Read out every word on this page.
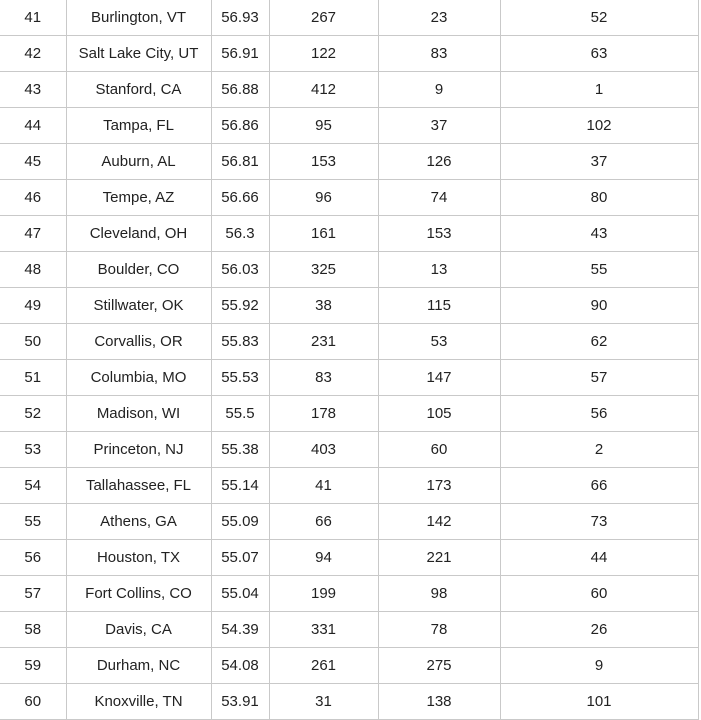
41	Burlington, VT	56.93	267	23	52
42	Salt Lake City, UT	56.91	122	83	63
43	Stanford, CA	56.88	412	9	1
44	Tampa, FL	56.86	95	37	102
45	Auburn, AL	56.81	153	126	37
46	Tempe, AZ	56.66	96	74	80
47	Cleveland, OH	56.3	161	153	43
48	Boulder, CO	56.03	325	13	55
49	Stillwater, OK	55.92	38	115	90
50	Corvallis, OR	55.83	231	53	62
51	Columbia, MO	55.53	83	147	57
52	Madison, WI	55.5	178	105	56
53	Princeton, NJ	55.38	403	60	2
54	Tallahassee, FL	55.14	41	173	66
55	Athens, GA	55.09	66	142	73
56	Houston, TX	55.07	94	221	44
57	Fort Collins, CO	55.04	199	98	60
58	Davis, CA	54.39	331	78	26
59	Durham, NC	54.08	261	275	9
60	Knoxville, TN	53.91	31	138	101
